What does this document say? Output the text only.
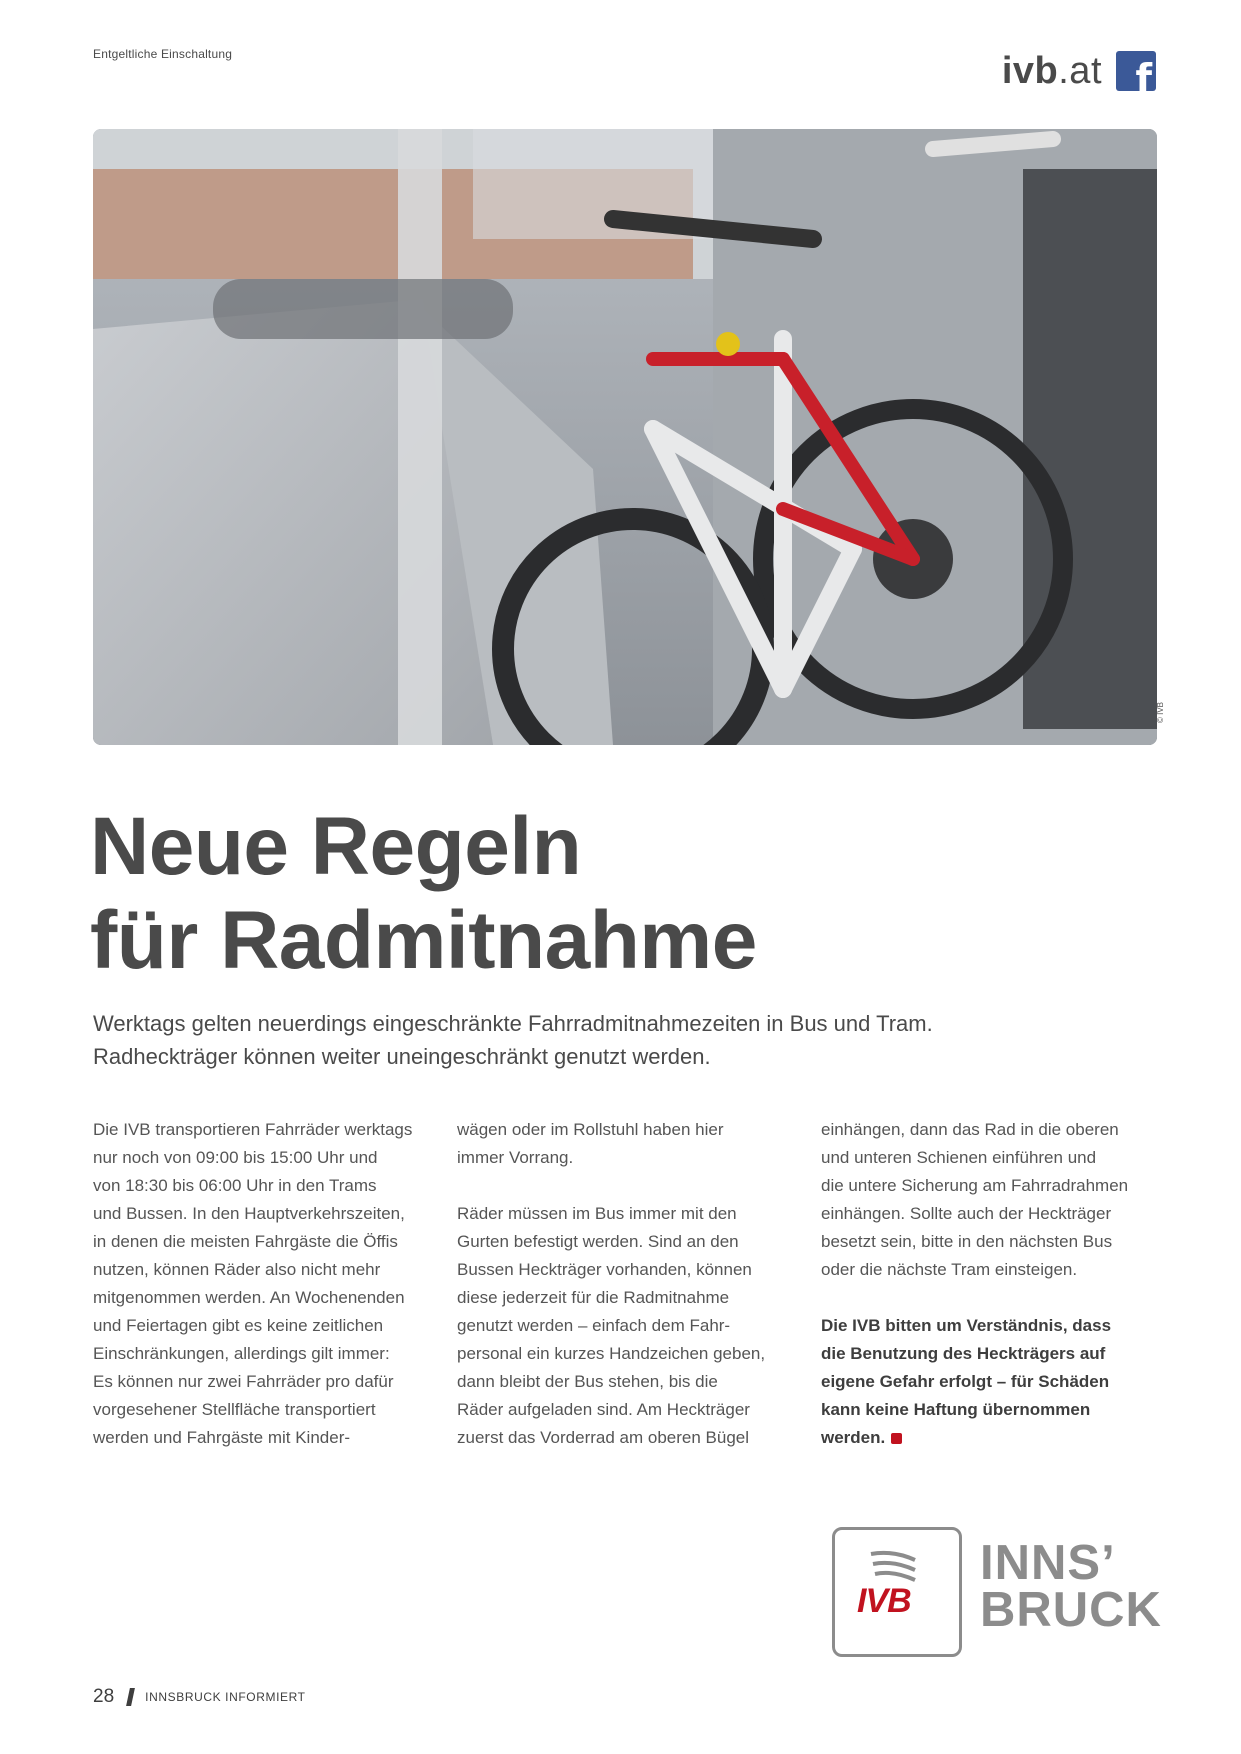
Entgeltliche Einschaltung	ivb.at f
© IVB
Neue Regeln
für Radmitnahme
Werktags gelten neuerdings eingeschränkte Fahrradmitnahmezeiten in Bus und Tram.
Radheckträger können weiter uneingeschränkt genutzt werden.
Die IVB transportieren Fahrräder werktags
nur noch von 09:00 bis 15:00 Uhr und
von 18:30 bis 06:00 Uhr in den Trams
und Bussen. In den Hauptverkehrszeiten,
in denen die meisten Fahrgäste die Öffis
nutzen, können Räder also nicht mehr
mitgenommen werden. An Wochenenden
und Feiertagen gibt es keine zeitlichen
Einschränkungen, allerdings gilt immer:
Es können nur zwei Fahrräder pro dafür
vorgesehener Stellfläche transportiert
werden und Fahrgäste mit Kinder-
wägen oder im Rollstuhl haben hier
immer Vorrang.
Räder müssen im Bus immer mit den
Gurten befestigt werden. Sind an den
Bussen Heckträger vorhanden, können
diese jederzeit für die Radmitnahme
genutzt werden – einfach dem Fahr-
personal ein kurzes Handzeichen geben,
dann bleibt der Bus stehen, bis die
Räder aufgeladen sind. Am Heckträger
zuerst das Vorderrad am oberen Bügel
einhängen, dann das Rad in die oberen
und unteren Schienen einführen und
die untere Sicherung am Fahrradrahmen
einhängen. Sollte auch der Heckträger
besetzt sein, bitte in den nächsten Bus
oder die nächste Tram einsteigen.
Die IVB bitten um Verständnis, dass
die Benutzung des Heckträgers auf
eigene Gefahr erfolgt – für Schäden
kann keine Haftung übernommen
werden.
IVB
INNS’
BRUCK
28	INNSBRUCK INFORMIERT
